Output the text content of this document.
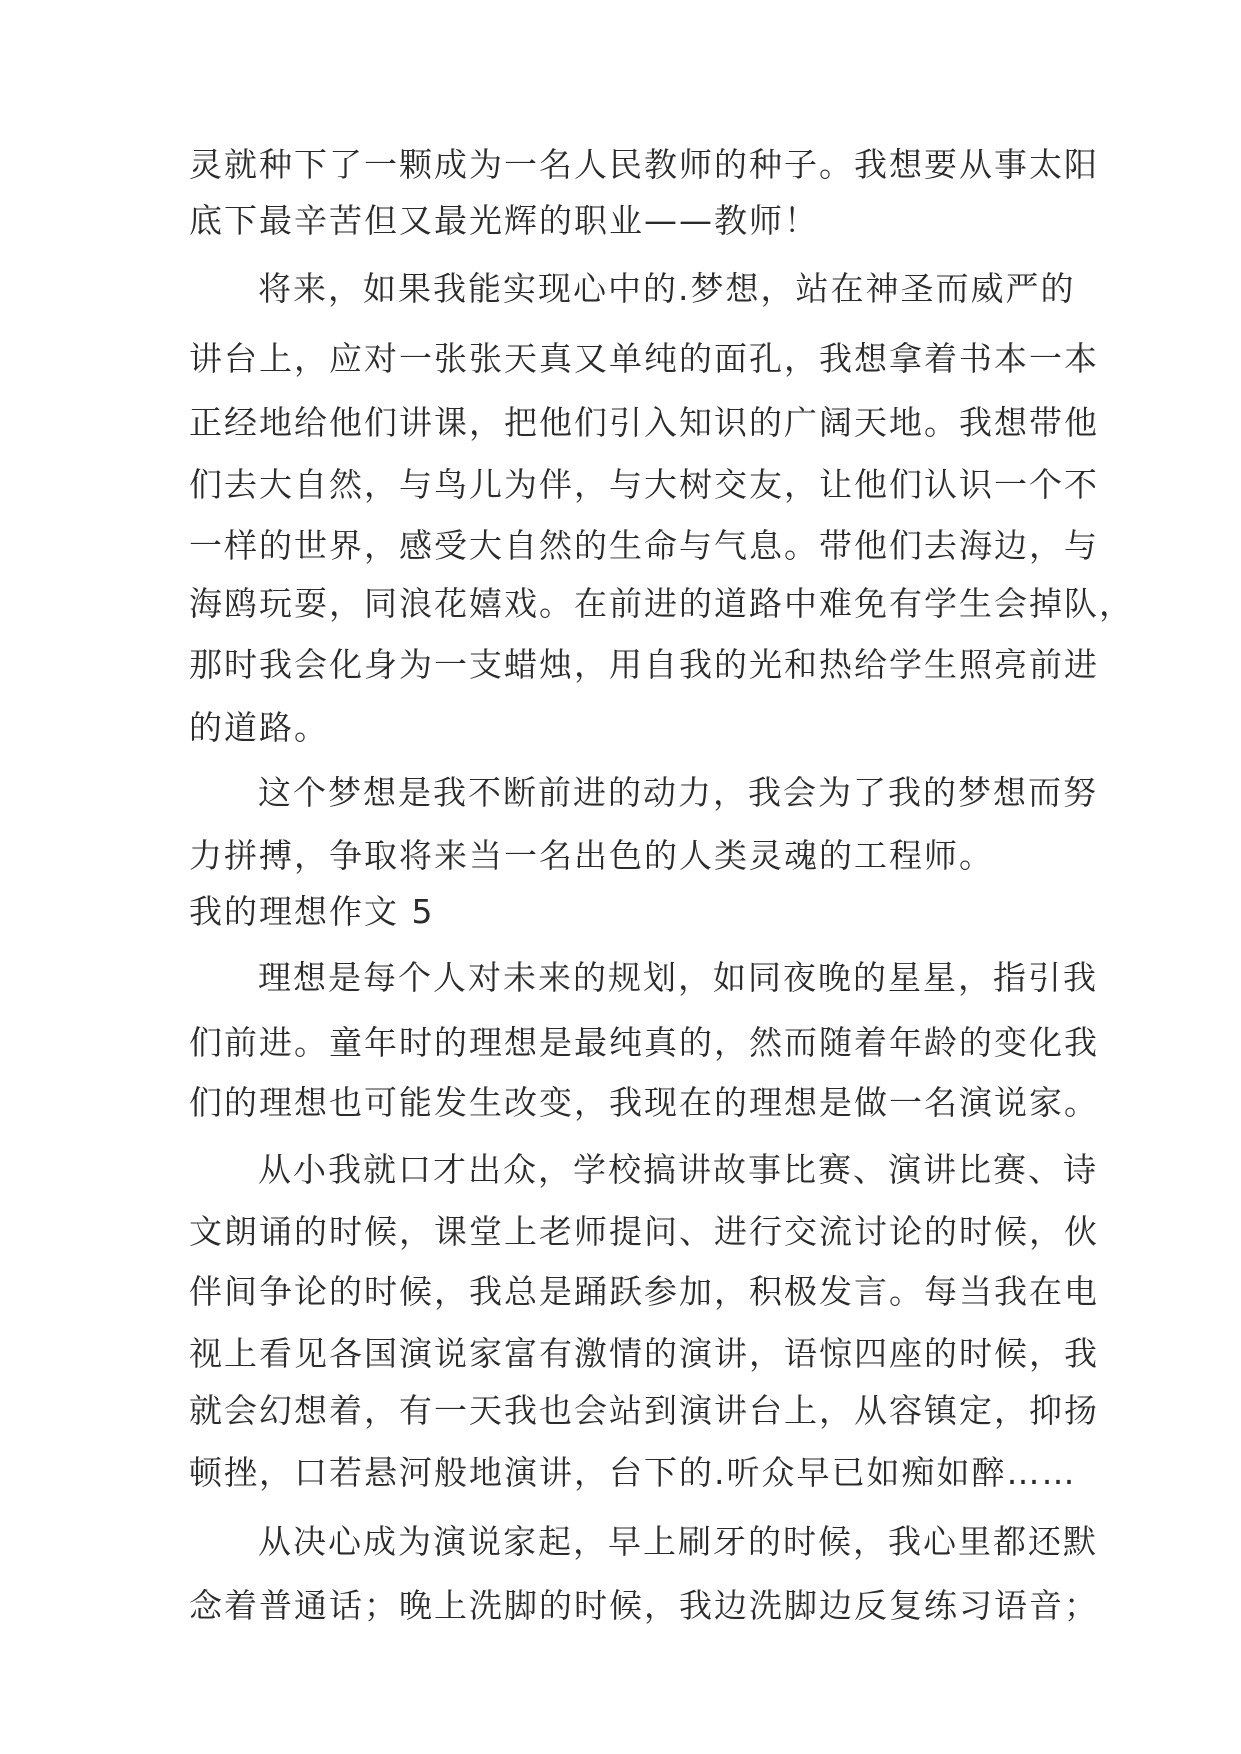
灵就种下了一颗成为一名人民教师的种子。我想要从事太阳
底下最辛苦但又最光辉的职业——教师！
将来，如果我能实现心中的.梦想，站在神圣而威严的
讲台上，应对一张张天真又单纯的面孔，我想拿着书本一本
正经地给他们讲课，把他们引入知识的广阔天地。我想带他
们去大自然，与鸟儿为伴，与大树交友，让他们认识一个不
一样的世界，感受大自然的生命与气息。带他们去海边，与
海鸥玩耍，同浪花嬉戏。在前进的道路中难免有学生会掉队，
那时我会化身为一支蜡烛，用自我的光和热给学生照亮前进
的道路。
这个梦想是我不断前进的动力，我会为了我的梦想而努
力拼搏，争取将来当一名出色的人类灵魂的工程师。
我的理想作文 5
理想是每个人对未来的规划，如同夜晚的星星，指引我
们前进。童年时的理想是最纯真的，然而随着年龄的变化我
们的理想也可能发生改变，我现在的理想是做一名演说家。
从小我就口才出众，学校搞讲故事比赛、演讲比赛、诗
文朗诵的时候，课堂上老师提问、进行交流讨论的时候，伙
伴间争论的时候，我总是踊跃参加，积极发言。每当我在电
视上看见各国演说家富有激情的演讲，语惊四座的时候，我
就会幻想着，有一天我也会站到演讲台上，从容镇定，抑扬
顿挫，口若悬河般地演讲，台下的.听众早已如痴如醉……
从决心成为演说家起，早上刷牙的时候，我心里都还默
念着普通话；晚上洗脚的时候，我边洗脚边反复练习语音；
